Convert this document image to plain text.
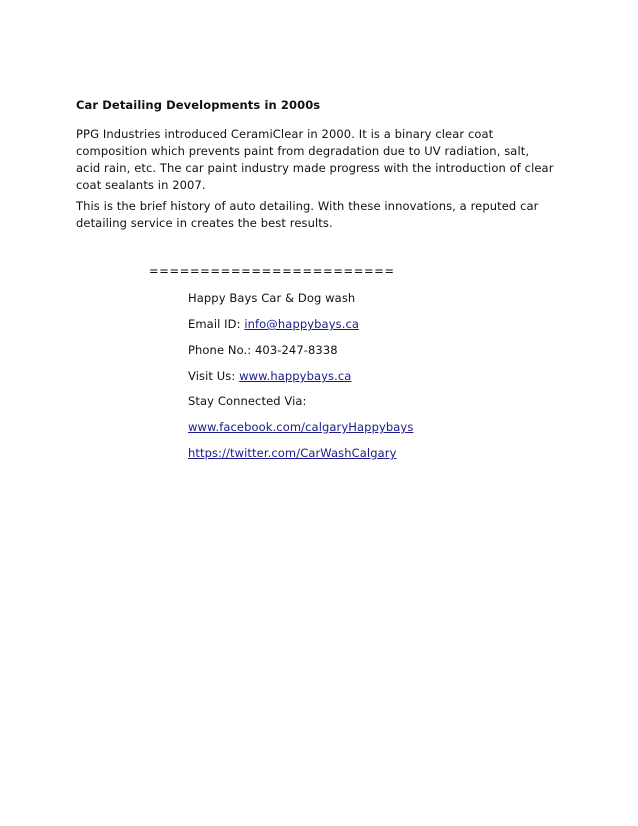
Car Detailing Developments in 2000s
PPG Industries introduced CeramiClear in 2000. It is a binary clear coat composition which prevents paint from degradation due to UV radiation, salt, acid rain, etc. The car paint industry made progress with the introduction of clear coat sealants in 2007.
This is the brief history of auto detailing. With these innovations, a reputed car detailing service in creates the best results.
========================
Happy Bays Car & Dog wash
Email ID: info@happybays.ca
Phone No.: 403-247-8338
Visit Us: www.happybays.ca
Stay Connected Via:
www.facebook.com/calgaryHappybays
https://twitter.com/CarWashCalgary
